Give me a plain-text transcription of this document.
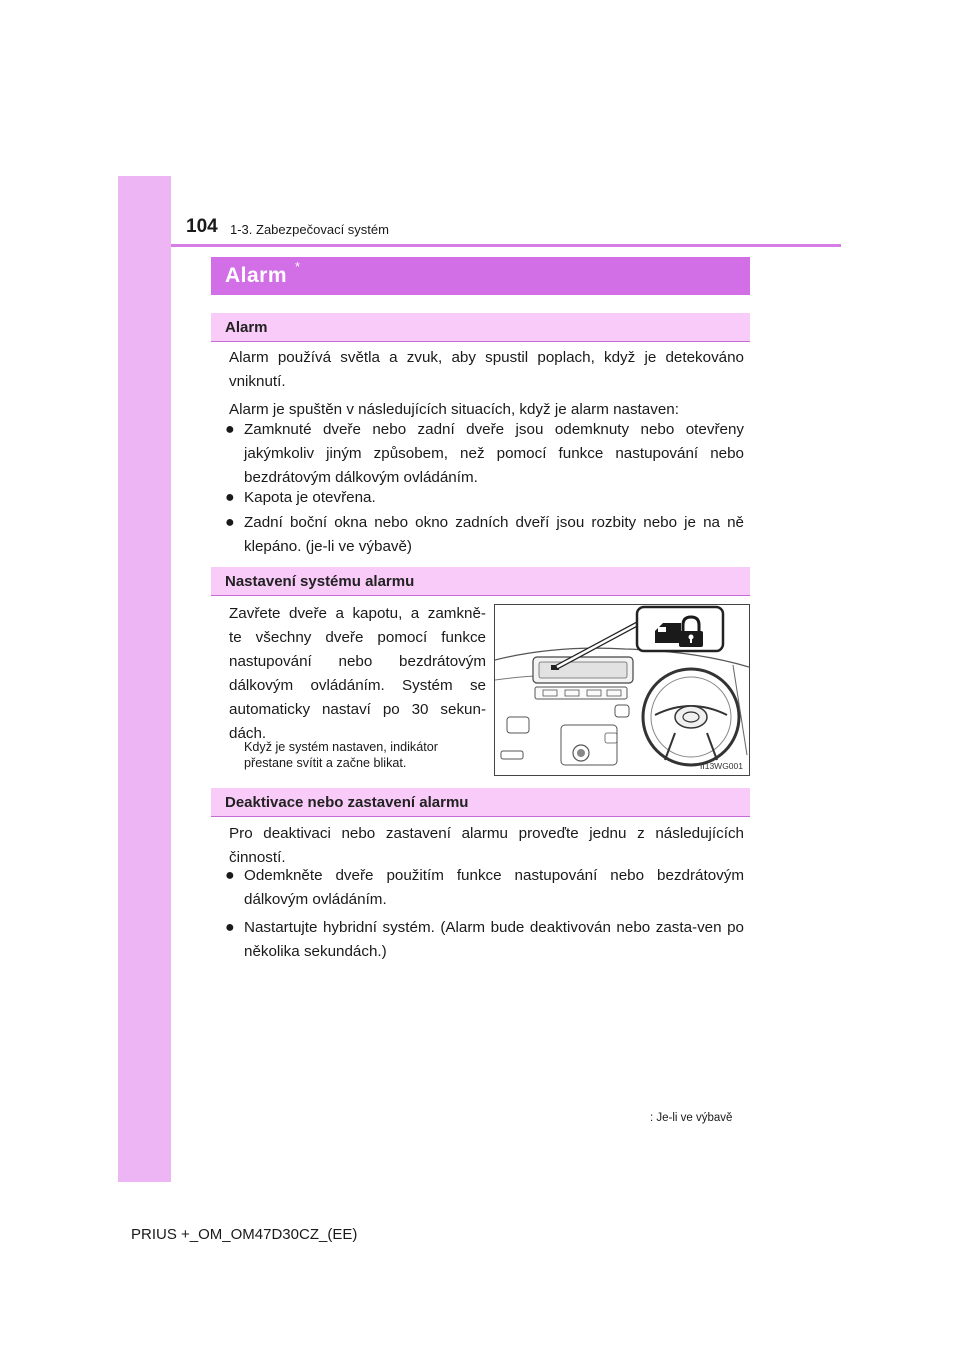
104 1-3. Zabezpečovací systém
Alarm *
Alarm
Alarm používá světla a zvuk, aby spustil poplach, když je detekováno vniknutí.
Alarm je spuštěn v následujících situacích, když je alarm nastaven:
● Zamknuté dveře nebo zadní dveře jsou odemknuty nebo otevřeny jakýmkoliv jiným způsobem, než pomocí funkce nastupování nebo bezdrátovým dálkovým ovládáním.
● Kapota je otevřena.
● Zadní boční okna nebo okno zadních dveří jsou rozbity nebo je na ně klepáno. (je-li ve výbavě)
Nastavení systému alarmu
Zavřete dveře a kapotu, a zamkně-
te všechny dveře pomocí funkce
nastupování nebo bezdrátovým
dálkovým ovládáním. Systém se
automaticky nastaví po 30 sekun-
dách.
Když je systém nastaven, indikátor přestane svítit a začne blikat.	II13WG001
Deaktivace nebo zastavení alarmu
Pro deaktivaci nebo zastavení alarmu proveďte jednu z následujících činností.
● Odemkněte dveře použitím funkce nastupování nebo bezdrátovým dálkovým ovládáním.
● Nastartujte hybridní systém. (Alarm bude deaktivován nebo zasta-ven po několika sekundách.)
: Je-li ve výbavě
PRIUS +_OM_OM47D30CZ_(EE)
